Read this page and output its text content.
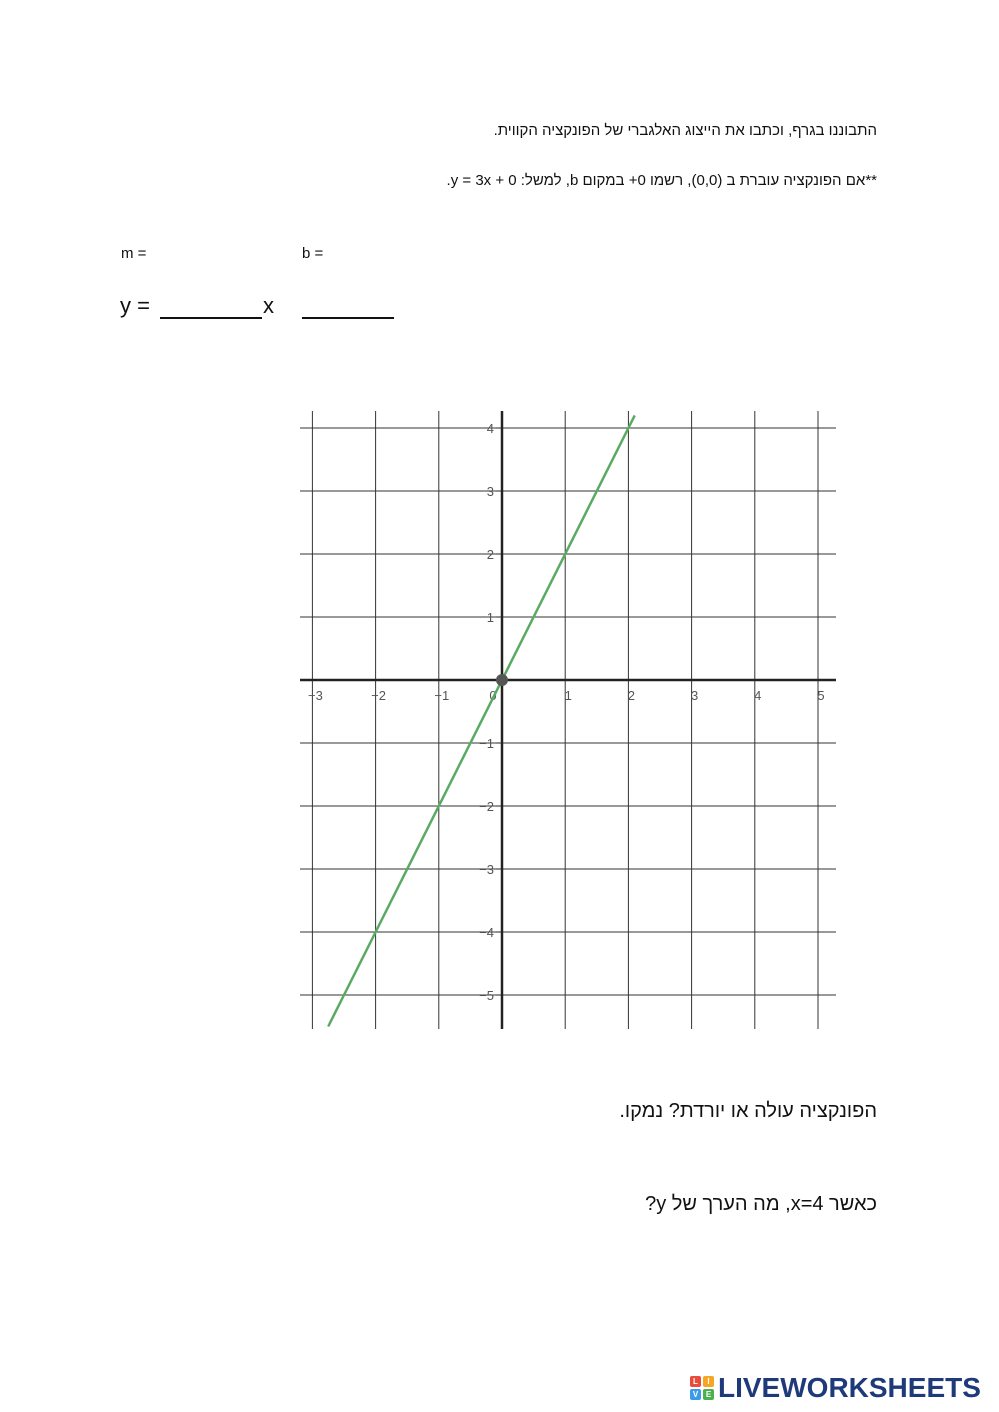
התבוננו בגרף, וכתבו את הייצוג האלגברי של הפונקציה הקווית.
**אם הפונקציה עוברת ב (0,0), רשמו 0+ במקום b, למשל: y = 3x + 0.
m =	b =
y =	x
−3	−2	−1	0	1	2	3	4	5
4
3
2
1
−1
−2
−3
−4
−5
הפונקציה עולה או יורדת? נמקו.
כאשר x=4, מה הערך של y?
L	I
V E LIVEWORKSHEETS
